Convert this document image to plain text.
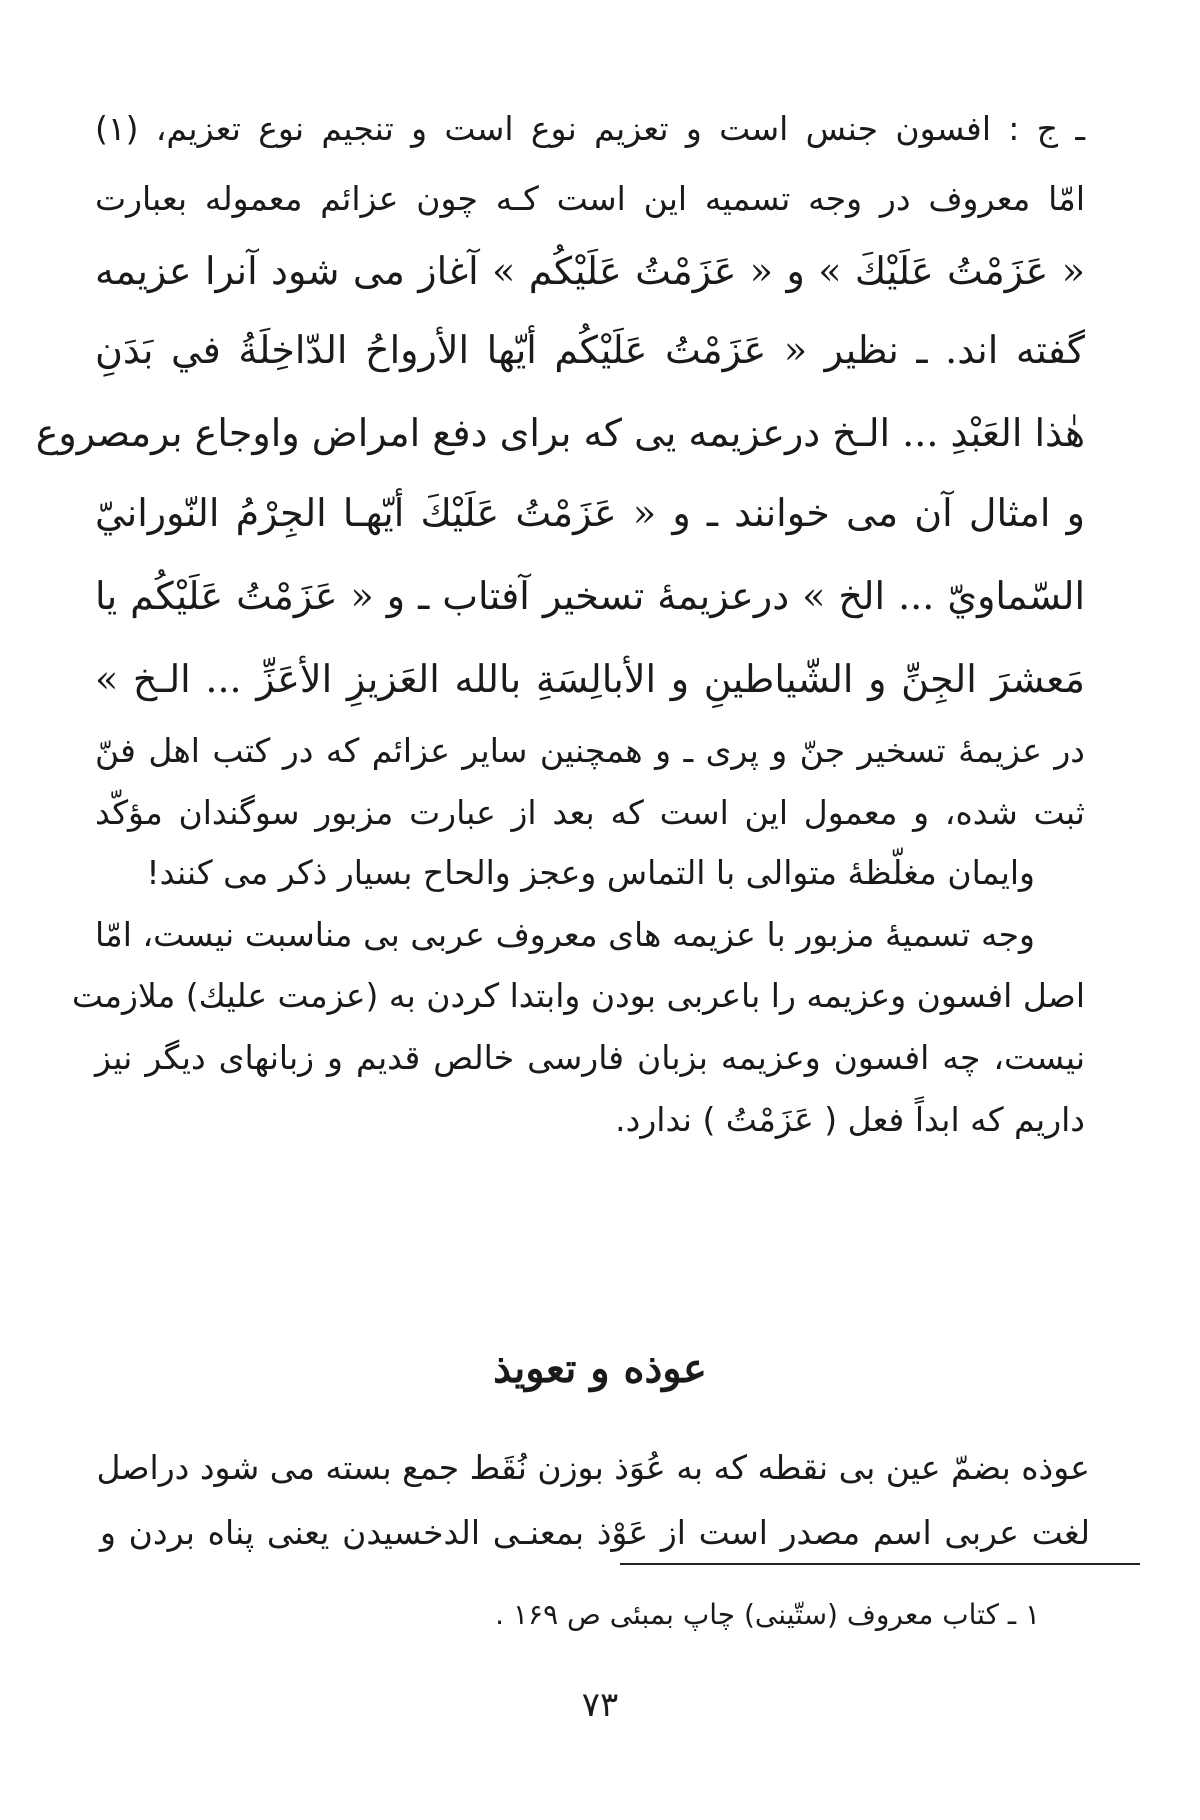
ـ ج : افسون جنس است و تعزیم نوع است و تنجیم نوع تعزیم، (۱)
امّا معروف در وجه تسمیه این است کـه چون عزائم معموله بعبارت
« عَزَمْتُ عَلَيْكَ » و « عَزَمْتُ عَلَيْكُم » آغاز می شود آنرا عزیمه
گفته اند. ـ نظیر « عَزَمْتُ عَلَيْكُم أيّها الأرواحُ الدّاخِلَةُ في بَدَنِ
هٰذا العَبْدِ ... الـخ درعزیمه یی که برای دفع امراض واوجاع برمصروع
و امثال آن می خوانند ـ و « عَزَمْتُ عَلَيْكَ أيّهـا الجِرْمُ النّورانيّ
السّماويّ ... الخ » درعزیمهٔ تسخیر آفتاب ـ و « عَزَمْتُ عَلَيْكُم يا
مَعشرَ الجِنِّ و الشّياطينِ و الأبالِسَةِ بالله العَزيزِ الأعَزِّ ... الـخ »
در عزیمهٔ تسخیر جنّ و پری ـ و همچنین سایر عزائم که در کتب اهل فنّ
ثبت شده، و معمول این است که بعد از عبارت مزبور سوگندان مؤکّد
وایمان مغلّظهٔ متوالی با التماس وعجز والحاح بسیار ذکر می کنند!
وجه تسمیهٔ مزبور با عزیمه های معروف عربی بی مناسبت نیست، امّا
اصل افسون وعزیمه را باعربی بودن وابتدا کردن به (عزمت علیك) ملازمت
نیست، چه افسون وعزیمه بزبان فارسی خالص قدیم و زبانهای دیگر نیز
داریم که ابداً فعل ( عَزَمْتُ ) ندارد.
عوذه و تعویذ
عوذه بضمّ عین بی نقطه که به عُوَذ بوزن نُقَط جمع بسته می شود دراصل
لغت عربی اسم مصدر است از عَوْذ بمعنـی الدخسیدن یعنی پناه بردن و
۱ ـ کتاب معروف (ستّینی) چاپ بمبئی ص ۱۶۹ .
۷۳
